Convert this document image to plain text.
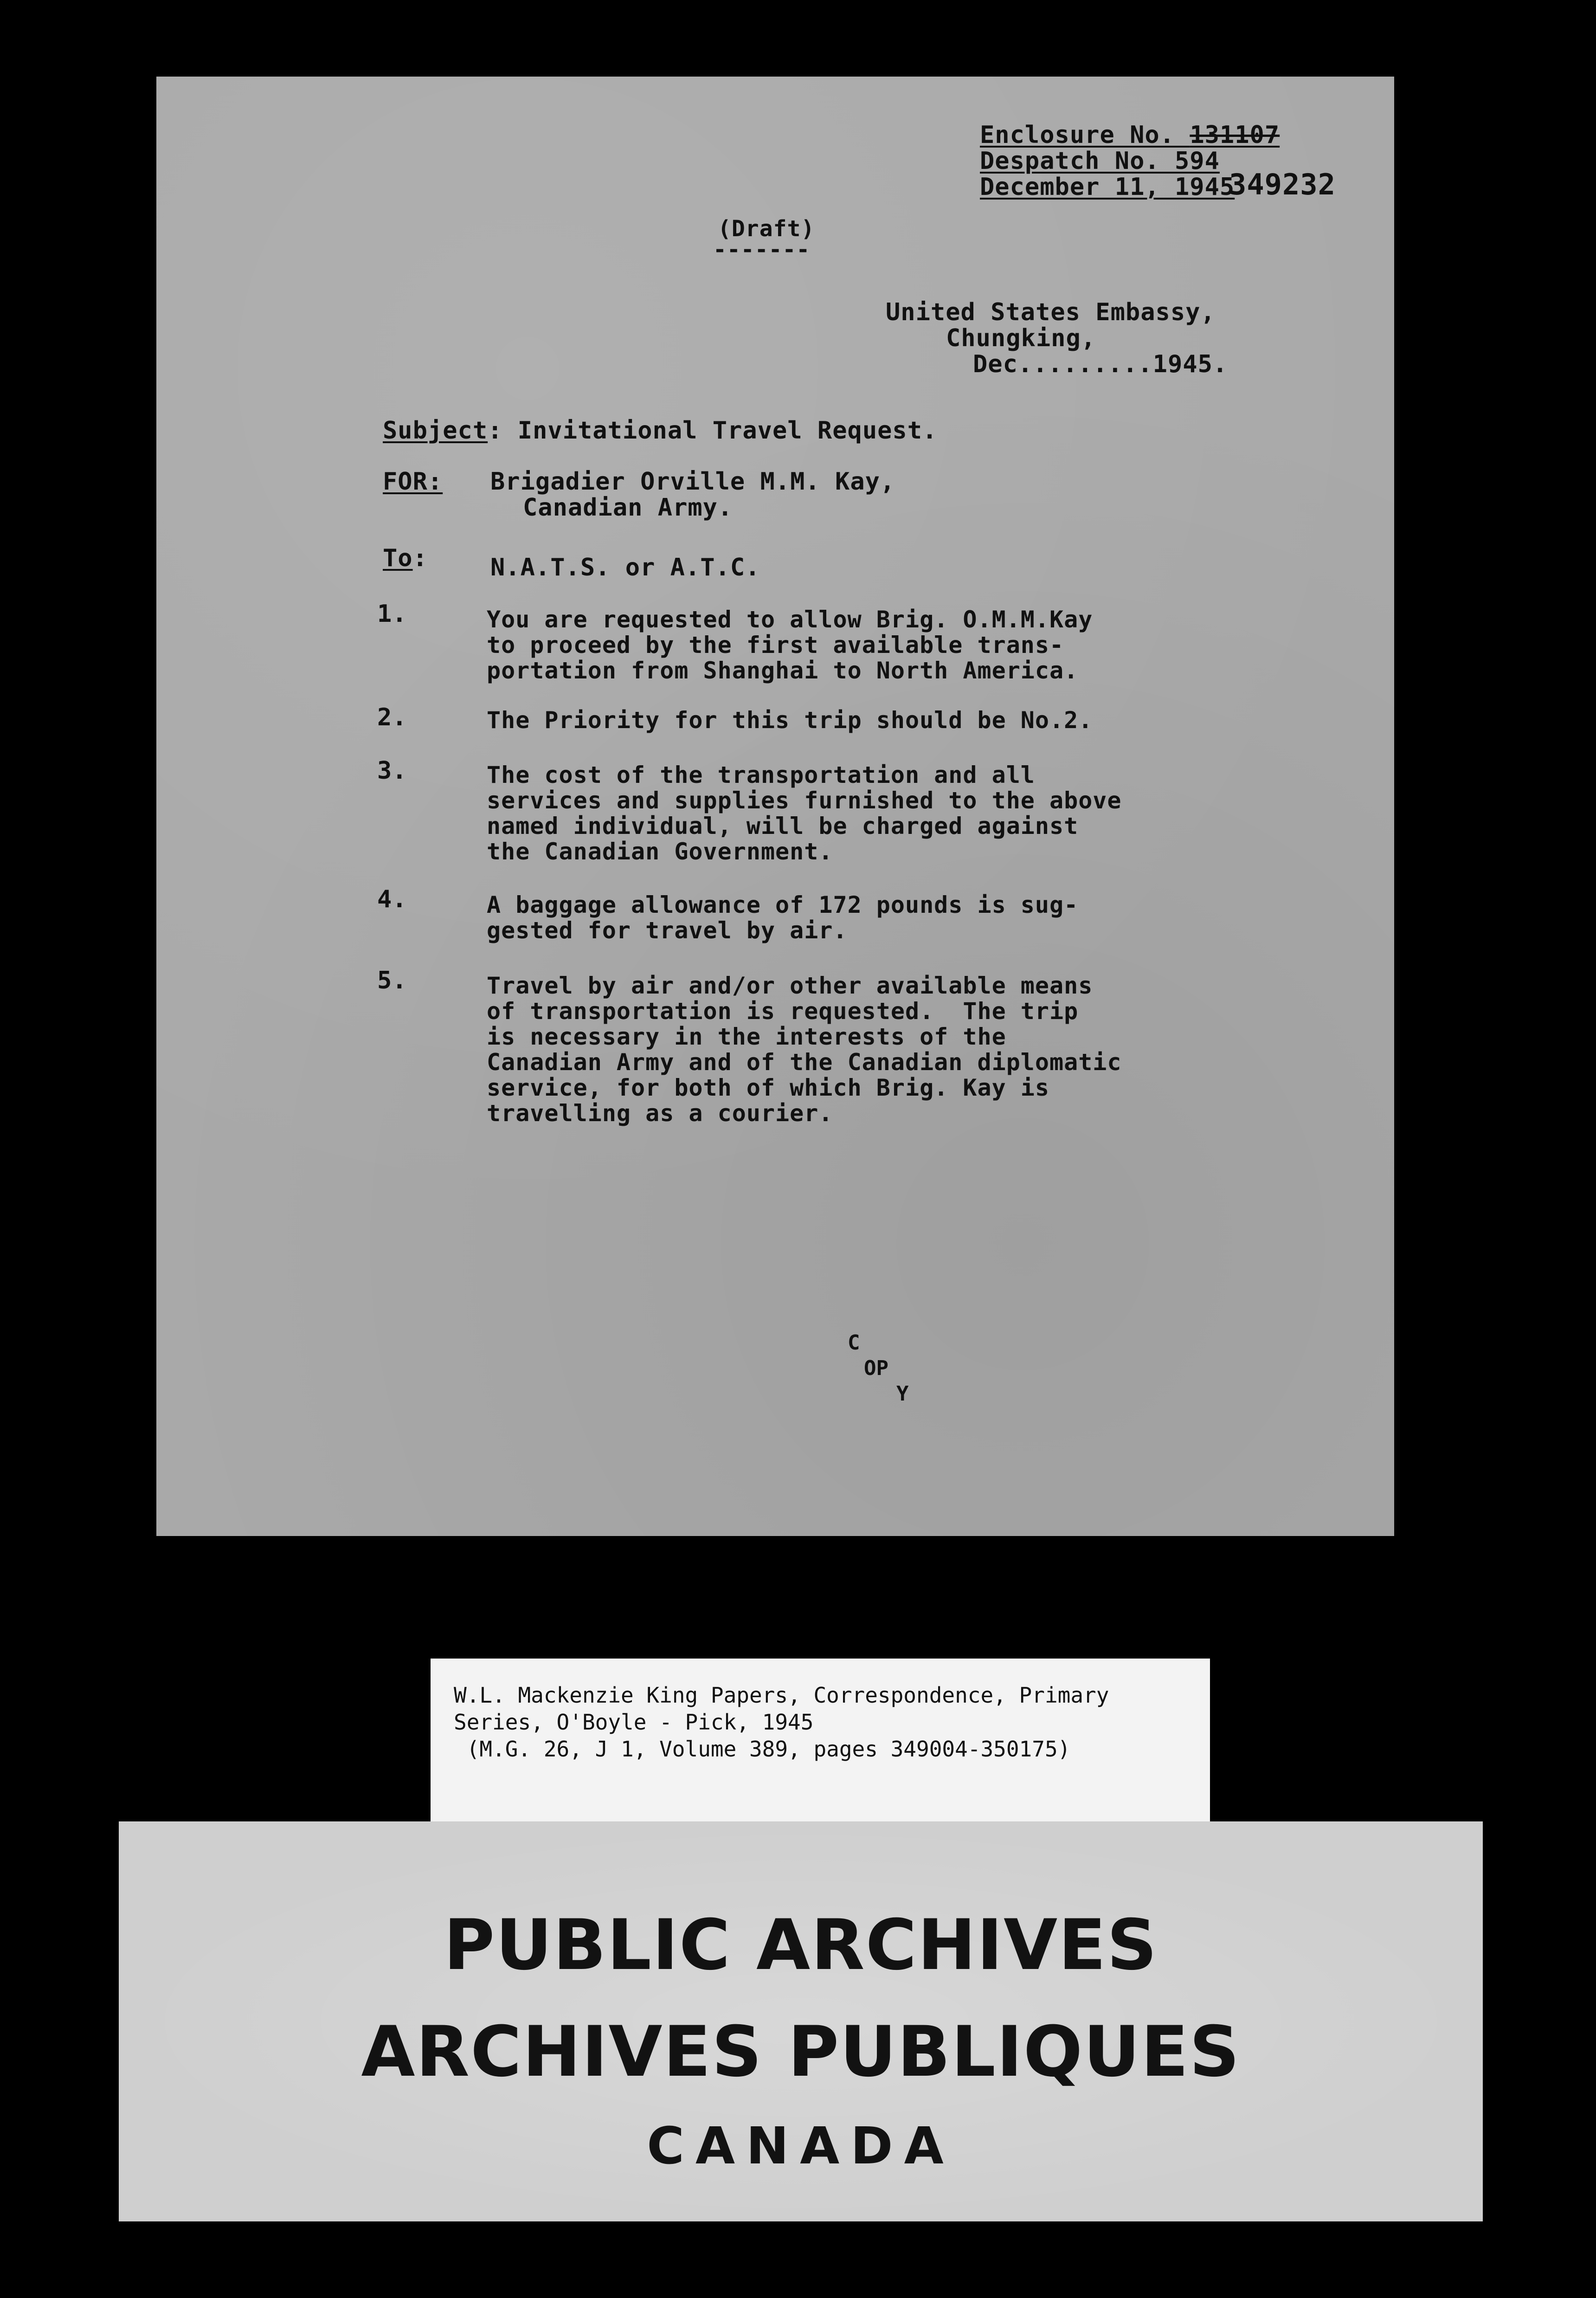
Enclosure No. 131107
Despatch No. 594
December 11, 1945
349232
(Draft)
-------
United States Embassy,
Chungking,
Dec.........1945.
Subject: Invitational Travel Request.
FOR: Brigadier Orville M.M. Kay,
Canadian Army.
To:	N.A.T.S. or A.T.C.
1.	You are requested to allow Brig. O.M.M.Kay
to proceed by the first available trans-
portation from Shanghai to North America.
2.	The Priority for this trip should be No.2.
3.	The cost of the transportation and all
services and supplies furnished to the above
named individual, will be charged against
the Canadian Government.
4.	A baggage allowance of 172 pounds is sug-
gested for travel by air.
5.	Travel by air and/or other available means
of transportation is requested.  The trip
is necessary in the interests of the
Canadian Army and of the Canadian diplomatic
service, for both of which Brig. Kay is
travelling as a courier.
C
OP
Y
W.L. Mackenzie King Papers, Correspondence, Primary
Series, O'Boyle - Pick, 1945
(M.G. 26, J 1, Volume 389, pages 349004-350175)
PUBLIC ARCHIVES
ARCHIVES PUBLIQUES
CANADA
